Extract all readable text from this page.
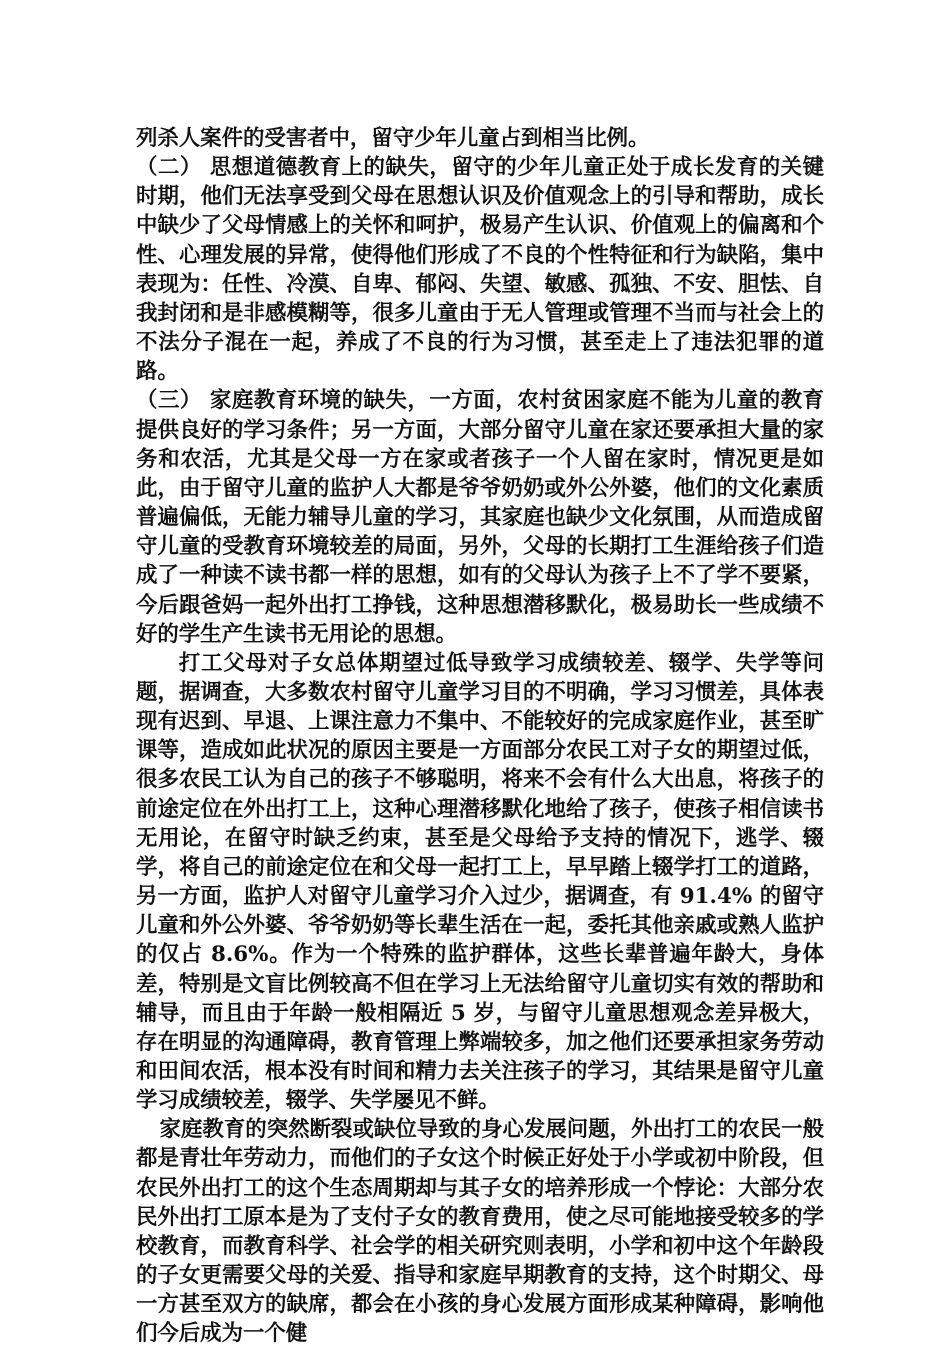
列杀人案件的受害者中，留守少年儿童占到相当比例。

（二） 思想道德教育上的缺失，留守的少年儿童正处于成长发育的关键时期，他们无法享受到父母在思想认识及价值观念上的引导和帮助，成长中缺少了父母情感上的关怀和呵护，极易产生认识、价值观上的偏离和个性、心理发展的异常，使得他们形成了不良的个性特征和行为缺陷，集中表现为：任性、冷漠、自卑、郁闷、失望、敏感、孤独、不安、胆怯、自我封闭和是非感模糊等，很多儿童由于无人管理或管理不当而与社会上的不法分子混在一起，养成了不良的行为习惯，甚至走上了违法犯罪的道路。

（三） 家庭教育环境的缺失，一方面，农村贫困家庭不能为儿童的教育提供良好的学习条件；另一方面，大部分留守儿童在家还要承担大量的家务和农活，尤其是父母一方在家或者孩子一个人留在家时，情况更是如此，由于留守儿童的监护人大都是爷爷奶奶或外公外婆，他们的文化素质普遍偏低，无能力辅导儿童的学习，其家庭也缺少文化氛围，从而造成留守儿童的受教育环境较差的局面，另外，父母的长期打工生涯给孩子们造成了一种读不读书都一样的思想，如有的父母认为孩子上不了学不要紧，今后跟爸妈一起外出打工挣钱，这种思想潜移默化，极易助长一些成绩不好的学生产生读书无用论的思想。

打工父母对子女总体期望过低导致学习成绩较差、辍学、失学等问题，据调查，大多数农村留守儿童学习目的不明确，学习习惯差，具体表现有迟到、早退、上课注意力不集中、不能较好的完成家庭作业，甚至旷课等，造成如此状况的原因主要是一方面部分农民工对子女的期望过低，很多农民工认为自己的孩子不够聪明，将来不会有什么大出息，将孩子的前途定位在外出打工上，这种心理潜移默化地给了孩子，使孩子相信读书无用论，在留守时缺乏约束，甚至是父母给予支持的情况下，逃学、辍学，将自己的前途定位在和父母一起打工上，早早踏上辍学打工的道路，另一方面，监护人对留守儿童学习介入过少，据调查，有 91.4% 的留守儿童和外公外婆、爷爷奶奶等长辈生活在一起，委托其他亲戚或熟人监护的仅占 8.6%。作为一个特殊的监护群体，这些长辈普遍年龄大，身体差，特别是文盲比例较高不但在学习上无法给留守儿童切实有效的帮助和辅导，而且由于年龄一般相隔近 5 岁，与留守儿童思想观念差异极大，存在明显的沟通障碍，教育管理上弊端较多，加之他们还要承担家务劳动和田间农活，根本没有时间和精力去关注孩子的学习，其结果是留守儿童学习成绩较差，辍学、失学屡见不鲜。

家庭教育的突然断裂或缺位导致的身心发展问题，外出打工的农民一般都是青壮年劳动力，而他们的子女这个时候正好处于小学或初中阶段，但农民外出打工的这个生态周期却与其子女的培养形成一个悖论：大部分农民外出打工原本是为了支付子女的教育费用，使之尽可能地接受较多的学校教育，而教育科学、社会学的相关研究则表明，小学和初中这个年龄段的子女更需要父母的关爱、指导和家庭早期教育的支持，这个时期父、母一方甚至双方的缺席，都会在小孩的身心发展方面形成某种障碍，影响他们今后成为一个健
